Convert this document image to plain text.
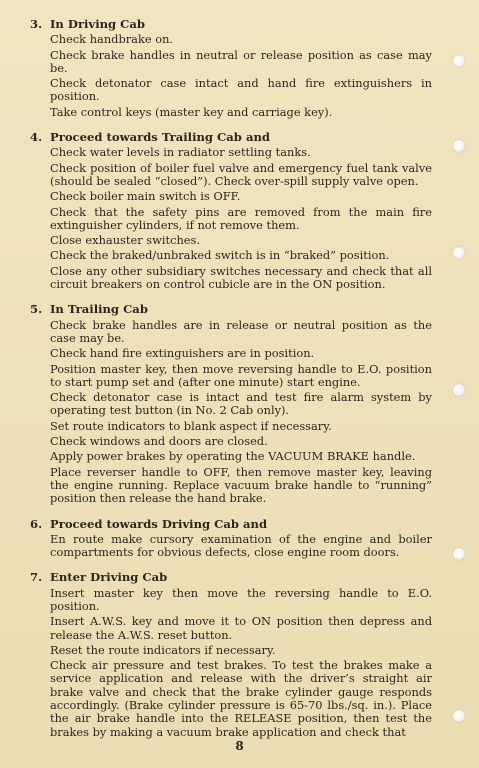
3. In Driving Cab

Check handbrake on.

Check brake handles in neutral or release position as case may be.

Check detonator case intact and hand fire extinguishers in position.

Take control keys (master key and carriage key).

4. Proceed towards Trailing Cab and

Check water levels in radiator settling tanks.

Check position of boiler fuel valve and emergency fuel tank valve (should be sealed “closed”). Check over-spill supply valve open.

Check boiler main switch is OFF.

Check that the safety pins are removed from the main fire extinguisher cylinders, if not remove them.

Close exhauster switches.

Check the braked/unbraked switch is in “braked” position.

Close any other subsidiary switches necessary and check that all circuit breakers on control cubicle are in the ON position.

5. In Trailing Cab

Check brake handles are in release or neutral position as the case may be.

Check hand fire extinguishers are in position.

Position master key, then move reversing handle to E.O. position to start pump set and (after one minute) start engine.

Check detonator case is intact and test fire alarm system by operating test button (in No. 2 Cab only).

Set route indicators to blank aspect if necessary.

Check windows and doors are closed.

Apply power brakes by operating the VACUUM BRAKE handle.

Place reverser handle to OFF, then remove master key, leaving the engine running. Replace vacuum brake handle to “running” position then release the hand brake.

6. Proceed towards Driving Cab and

En route make cursory examination of the engine and boiler compartments for obvious defects, close engine room doors.

7. Enter Driving Cab

Insert master key then move the reversing handle to E.O. position.

Insert A.W.S. key and move it to ON position then depress and release the A.W.S. reset button.

Reset the route indicators if necessary.

Check air pressure and test brakes. To test the brakes make a service application and release with the driver’s straight air brake valve and check that the brake cylinder gauge responds accordingly. (Brake cylinder pressure is 65-70 lbs./sq. in.). Place the air brake handle into the RELEASE position, then test the brakes by making a vacuum brake application and check that

8
